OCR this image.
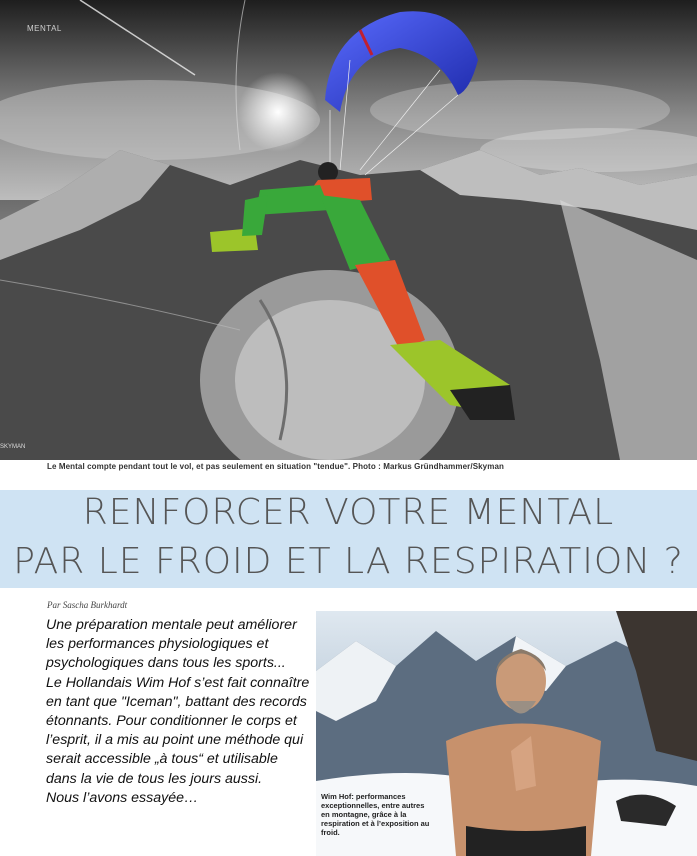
MENTAL
SKYMAN
Le Mental compte pendant tout le vol, et pas seulement en situation "tendue". Photo : Markus Gründhammer/Skyman
RENFORCER VOTRE MENTAL
PAR LE FROID ET LA RESPIRATION ?
Par Sascha Burkhardt

Une préparation mentale peut améliorer les performances physiologiques et psychologiques dans tous les sports...

Le Hollandais Wim Hof s’est fait connaître en tant que "Iceman", battant des records étonnants. Pour conditionner le corps et l’esprit, il a mis au point une méthode qui serait accessible „à tous“ et utilisable dans la vie de tous les jours aussi.

Nous l’avons essayée…	Wim Hof: performances exceptionnelles, entre autres en montagne, grâce à la respiration et à l’exposition au froid.
